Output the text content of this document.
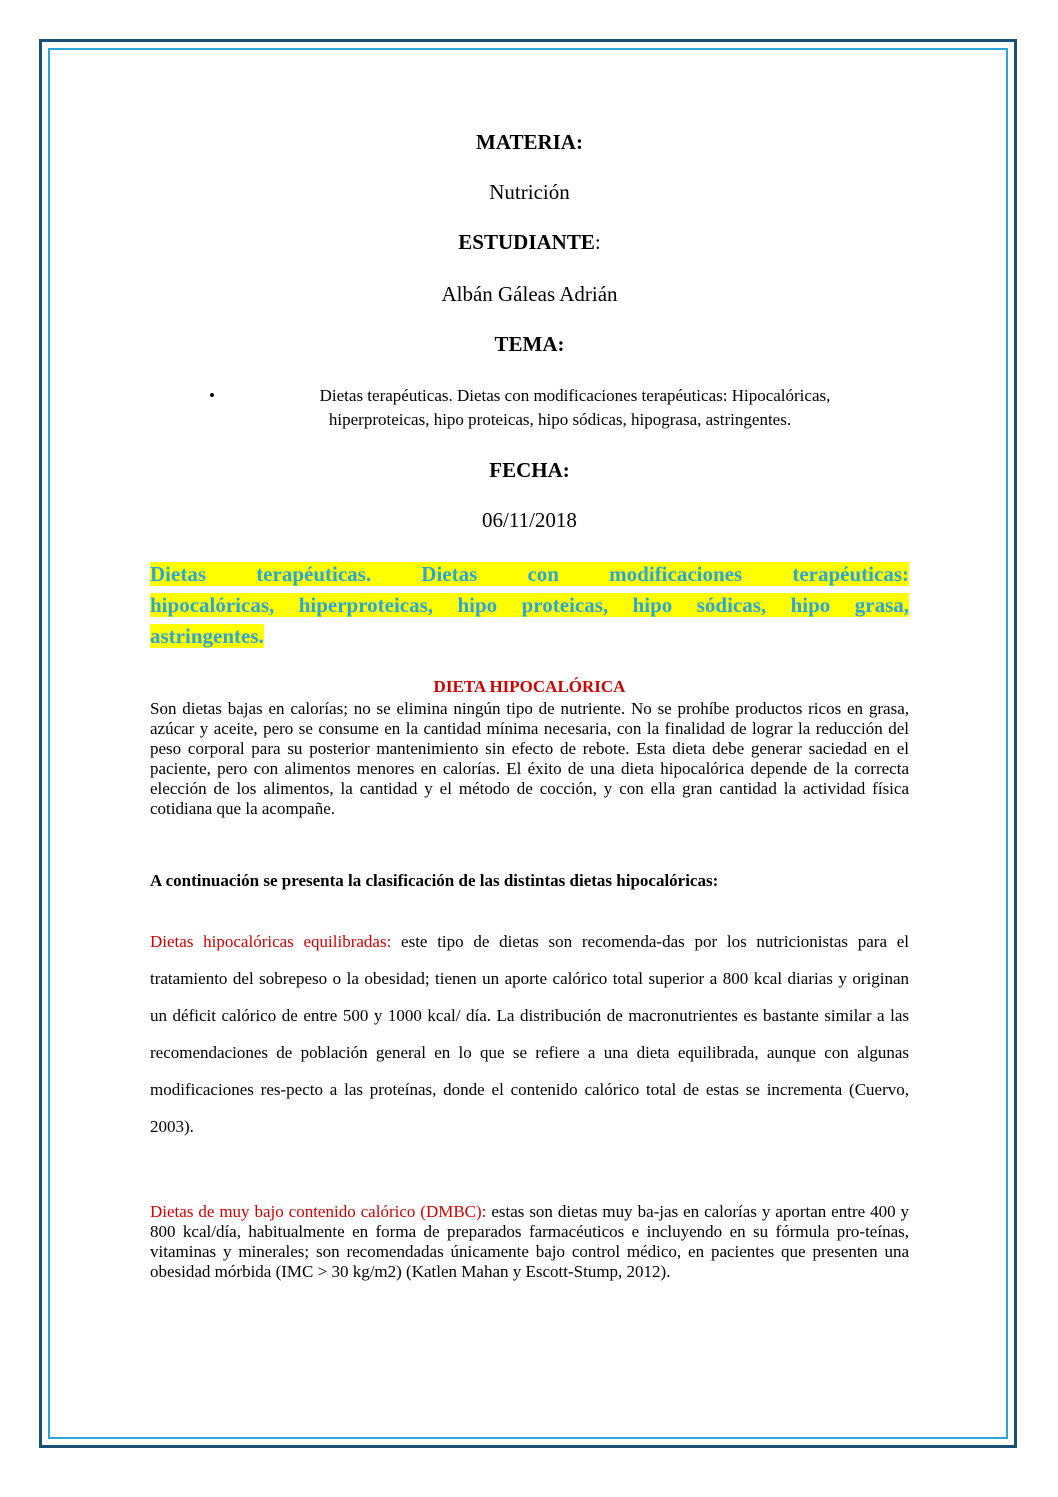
MATERIA:
Nutrición
ESTUDIANTE:
Albán Gáleas Adrián
TEMA:
•	Dietas terapéuticas. Dietas con modificaciones terapéuticas: Hipocalóricas,
hiperproteicas, hipo proteicas, hipo sódicas, hipograsa, astringentes.
FECHA:
06/11/2018
Dietas terapéuticas. Dietas con modificaciones terapéuticas:
hipocalóricas, hiperproteicas, hipo proteicas, hipo sódicas, hipo grasa,
astringentes.
DIETA HIPOCALÓRICA
Son dietas bajas en calorías; no se elimina ningún tipo de nutriente. No se prohíbe productos ricos en grasa, azúcar y aceite, pero se consume en la cantidad mínima necesaria, con la finalidad de lograr la reducción del peso corporal para su posterior mantenimiento sin efecto de rebote. Esta dieta debe generar saciedad en el paciente, pero con alimentos menores en calorías. El éxito de una dieta hipocalórica depende de la correcta elección de los alimentos, la cantidad y el método de cocción, y con ella gran cantidad la actividad física cotidiana que la acompañe.
A continuación se presenta la clasificación de las distintas dietas hipocalóricas:
Dietas hipocalóricas equilibradas: este tipo de dietas son recomenda-das por los nutricionistas para el tratamiento del sobrepeso o la obesidad; tienen un aporte calórico total superior a 800 kcal diarias y originan un déficit calórico de entre 500 y 1000 kcal/ día. La distribución de macronutrientes es bastante similar a las recomendaciones de población general en lo que se refiere a una dieta equilibrada, aunque con algunas modificaciones res-pecto a las proteínas, donde el contenido calórico total de estas se incrementa (Cuervo, 2003).
Dietas de muy bajo contenido calórico (DMBC): estas son dietas muy ba-jas en calorías y aportan entre 400 y 800 kcal/día, habitualmente en forma de preparados farmacéuticos e incluyendo en su fórmula pro-teínas, vitaminas y minerales; son recomendadas únicamente bajo control médico, en pacientes que presenten una obesidad mórbida (IMC > 30 kg/m2) (Katlen Mahan y Escott-Stump, 2012).
